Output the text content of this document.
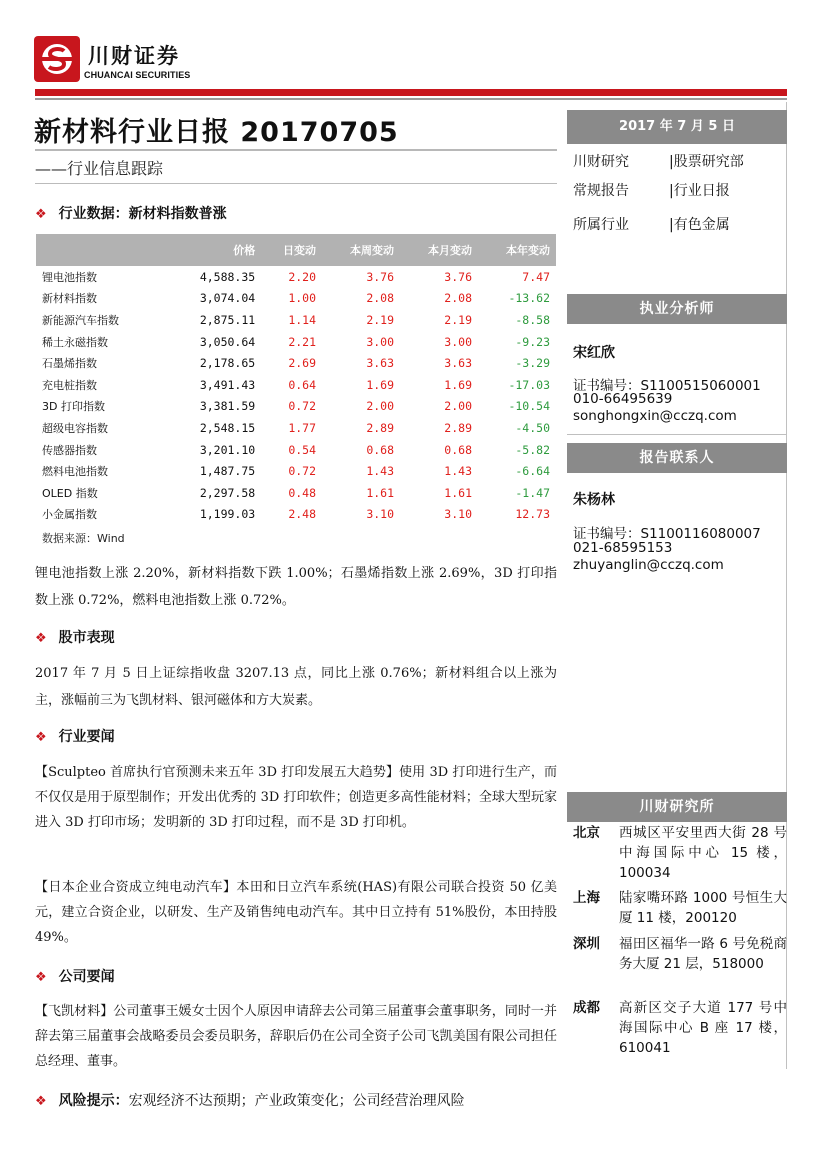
川财证券
CHUANCAI SECURITIES
新材料行业日报 20170705
——行业信息跟踪
❖ 行业数据：新材料指数普涨
	价格	日变动	本周变动	本月变动	本年变动
锂电池指数	4,588.35	2.20	3.76	3.76	7.47
新材料指数	3,074.04	1.00	2.08	2.08	-13.62
新能源汽车指数	2,875.11	1.14	2.19	2.19	-8.58
稀土永磁指数	3,050.64	2.21	3.00	3.00	-9.23
石墨烯指数	2,178.65	2.69	3.63	3.63	-3.29
充电桩指数	3,491.43	0.64	1.69	1.69	-17.03
3D 打印指数	3,381.59	0.72	2.00	2.00	-10.54
超级电容指数	2,548.15	1.77	2.89	2.89	-4.50
传感器指数	3,201.10	0.54	0.68	0.68	-5.82
燃料电池指数	1,487.75	0.72	1.43	1.43	-6.64
OLED 指数	2,297.58	0.48	1.61	1.61	-1.47
小金属指数	1,199.03	2.48	3.10	3.10	12.73
数据来源：Wind
锂电池指数上涨 2.20%，新材料指数下跌 1.00%；石墨烯指数上涨 2.69%，3D 打印指数上涨 0.72%，燃料电池指数上涨 0.72%。
❖ 股市表现
2017 年 7 月 5 日上证综指收盘 3207.13 点，同比上涨 0.76%；新材料组合以上涨为主，涨幅前三为飞凯材料、银河磁体和方大炭素。
❖ 行业要闻
【Sculpteo 首席执行官预测未来五年 3D 打印发展五大趋势】使用 3D 打印进行生产，而不仅仅是用于原型制作；开发出优秀的 3D 打印软件；创造更多高性能材料；全球大型玩家进入 3D 打印市场；发明新的 3D 打印过程，而不是 3D 打印机。
【日本企业合资成立纯电动汽车】本田和日立汽车系统(HAS)有限公司联合投资 50 亿美元，建立合资企业，以研发、生产及销售纯电动汽车。其中日立持有 51%股份，本田持股 49%。
❖ 公司要闻
【飞凯材料】公司董事王媛女士因个人原因申请辞去公司第三届董事会董事职务，同时一并辞去第三届董事会战略委员会委员职务，辞职后仍在公司全资子公司飞凯美国有限公司担任总经理、董事。
❖ 风险提示：宏观经济不达预期；产业政策变化；公司经营治理风险
2017 年 7 月 5 日
川财研究	|股票研究部
常规报告	|行业日报
所属行业	|有色金属
执业分析师
宋红欣
证书编号：S1100515060001
010-66495639
songhongxin@cczq.com
报告联系人
朱杨林
证书编号：S1100116080007
021-68595153
zhuyanglin@cczq.com
川财研究所
北京 西城区平安里西大街 28 号中海国际中心 15 楼，100034
上海 陆家嘴环路 1000 号恒生大厦 11 楼，200120
深圳 福田区福华一路 6 号免税商务大厦 21 层，518000
成都 高新区交子大道 177 号中海国际中心 B 座 17 楼，610041
